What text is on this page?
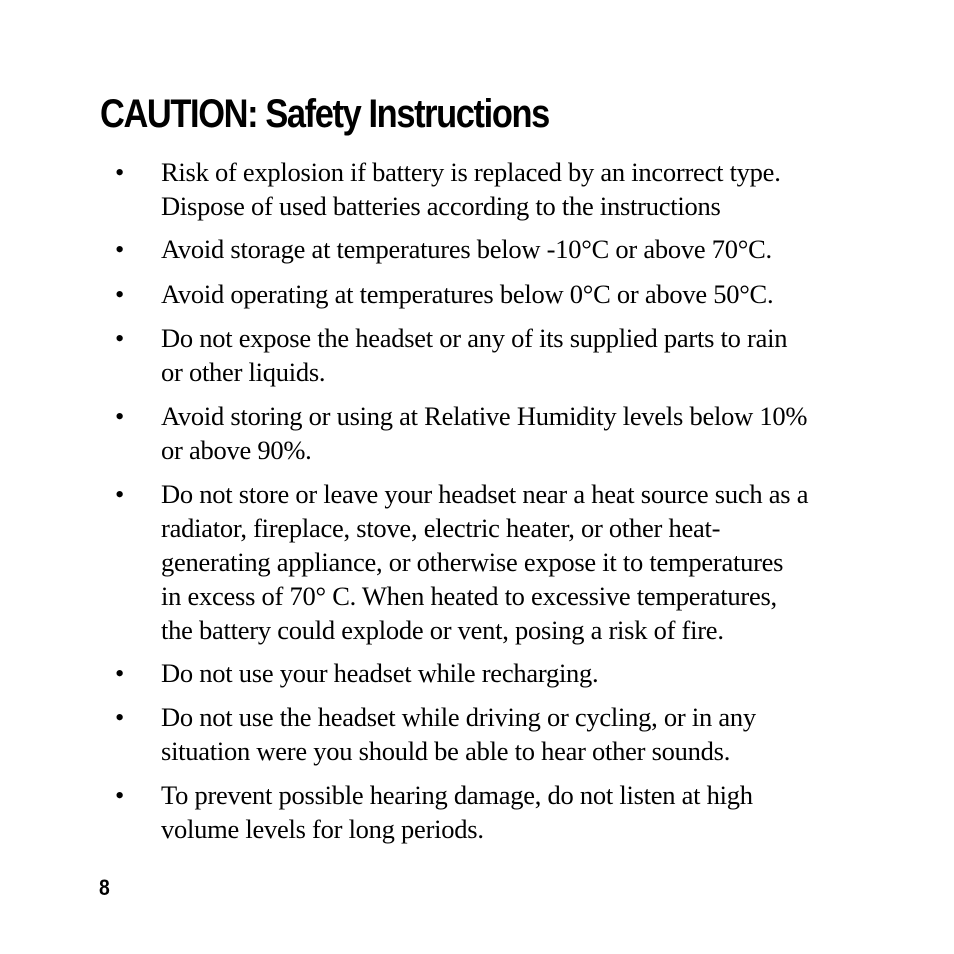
CAUTION: Safety Instructions
•	Risk of explosion if battery is replaced by an incorrect type.
Dispose of used batteries according to the instructions
•	Avoid storage at temperatures below -10°C or above 70°C.
•	Avoid operating at temperatures below 0°C or above 50°C.
•	Do not expose the headset or any of its supplied parts to rain
or other liquids.
•	Avoid storing or using at Relative Humidity levels below 10%
or above 90%.
•	Do not store or leave your headset near a heat source such as a
radiator, fireplace, stove, electric heater, or other heat-
generating appliance, or otherwise expose it to temperatures
in excess of 70° C. When heated to excessive temperatures,
the battery could explode or vent, posing a risk of fire.
•	Do not use your headset while recharging.
•	Do not use the headset while driving or cycling, or in any
situation were you should be able to hear other sounds.
•	To prevent possible hearing damage, do not listen at high
volume levels for long periods.
8
